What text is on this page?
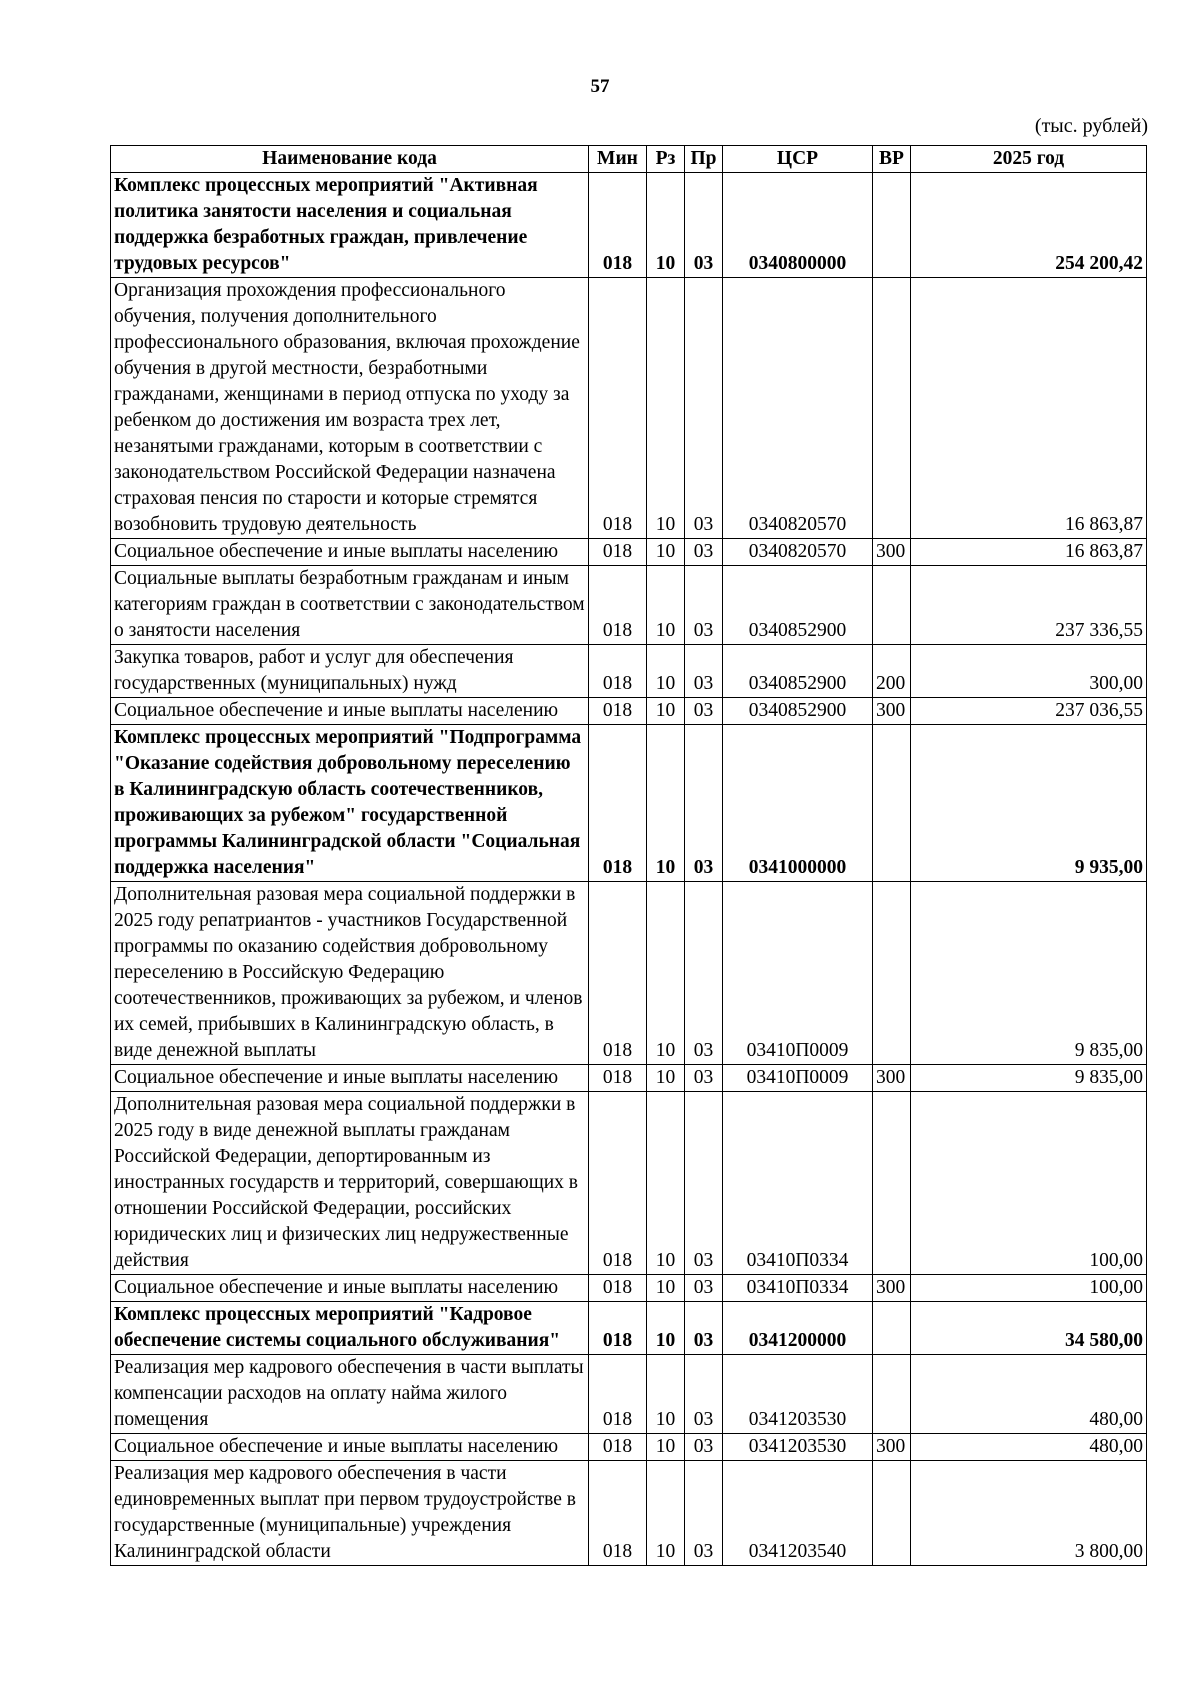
57
(тыс. рублей)
Наименование кода	Мин	Рз	Пр	ЦСР	ВР	2025 год
Комплекс процессных мероприятий "Активная политика занятости населения и социальная поддержка безработных граждан, привлечение трудовых ресурсов"	018	10	03	0340800000		254 200,42
Организация прохождения профессионального обучения, получения дополнительного профессионального образования, включая прохождение обучения в другой местности, безработными гражданами, женщинами в период отпуска по уходу за ребенком до достижения им возраста трех лет, незанятыми гражданами, которым в соответствии с законодательством Российской Федерации назначена страховая пенсия по старости и которые стремятся возобновить трудовую деятельность	018	10	03	0340820570		16 863,87
Социальное обеспечение и иные выплаты населению	018	10	03	0340820570	300	16 863,87
Социальные выплаты безработным гражданам и иным категориям граждан в соответствии с законодательством о занятости населения	018	10	03	0340852900		237 336,55
Закупка товаров, работ и услуг для обеспечения государственных (муниципальных) нужд	018	10	03	0340852900	200	300,00
Социальное обеспечение и иные выплаты населению	018	10	03	0340852900	300	237 036,55
Комплекс процессных мероприятий "Подпрограмма "Оказание содействия добровольному переселению в Калининградскую область соотечественников, проживающих за рубежом" государственной программы Калининградской области "Социальная поддержка населения"	018	10	03	0341000000		9 935,00
Дополнительная разовая мера социальной поддержки в 2025 году репатриантов - участников Государственной программы по оказанию содействия добровольному переселению в Российскую Федерацию соотечественников, проживающих за рубежом, и членов их семей, прибывших в Калининградскую область, в виде денежной выплаты	018	10	03	03410П0009		9 835,00
Социальное обеспечение и иные выплаты населению	018	10	03	03410П0009	300	9 835,00
Дополнительная разовая мера социальной поддержки в 2025 году в виде денежной выплаты гражданам Российской Федерации, депортированным из иностранных государств и территорий, совершающих в отношении Российской Федерации, российских юридических лиц и физических лиц недружественные действия	018	10	03	03410П0334		100,00
Социальное обеспечение и иные выплаты населению	018	10	03	03410П0334	300	100,00
Комплекс процессных мероприятий "Кадровое обеспечение системы социального обслуживания"	018	10	03	0341200000		34 580,00
Реализация мер кадрового обеспечения в части выплаты компенсации расходов на оплату найма жилого помещения	018	10	03	0341203530		480,00
Социальное обеспечение и иные выплаты населению	018	10	03	0341203530	300	480,00
Реализация мер кадрового обеспечения в части единовременных выплат при первом трудоустройстве в государственные (муниципальные) учреждения Калининградской области	018	10	03	0341203540		3 800,00
